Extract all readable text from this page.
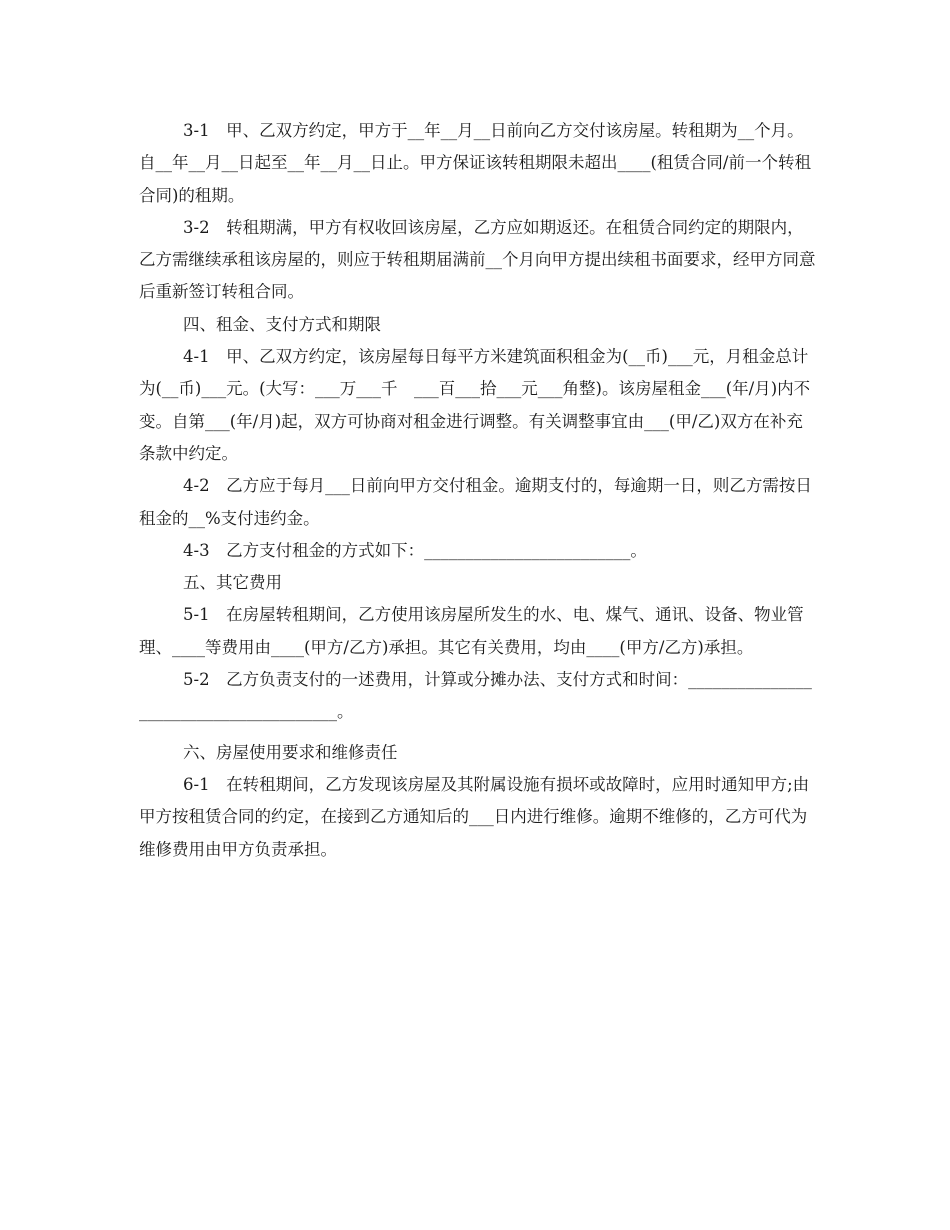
3-1　甲、乙双方约定，甲方于__年__月__日前向乙方交付该房屋。转租期为__个月。自__年__月__日起至__年__月__日止。甲方保证该转租期限未超出____(租赁合同/前一个转租合同)的租期。

3-2　转租期满，甲方有权收回该房屋，乙方应如期返还。在租赁合同约定的期限内，乙方需继续承租该房屋的，则应于转租期届满前__个月向甲方提出续租书面要求，经甲方同意后重新签订转租合同。

四、租金、支付方式和期限

4-1　甲、乙双方约定，该房屋每日每平方米建筑面积租金为(__币)___元，月租金总计为(__币)___元。(大写：___万___千　___百___拾___元___角整)。该房屋租金___(年/月)内不变。自第___(年/月)起，双方可协商对租金进行调整。有关调整事宜由___(甲/乙)双方在补充条款中约定。

4-2　乙方应于每月___日前向甲方交付租金。逾期支付的，每逾期一日，则乙方需按日租金的__%支付违约金。

4-3　乙方支付租金的方式如下：_________________________。

五、其它费用

5-1　在房屋转租期间，乙方使用该房屋所发生的水、电、煤气、通讯、设备、物业管理、____等费用由____(甲方/乙方)承担。其它有关费用，均由____(甲方/乙方)承担。

5-2　乙方负责支付的一述费用，计算或分摊办法、支付方式和时间：_______________________________________。

六、房屋使用要求和维修责任

6-1　在转租期间，乙方发现该房屋及其附属设施有损坏或故障时，应用时通知甲方;由甲方按租赁合同的约定，在接到乙方通知后的___日内进行维修。逾期不维修的，乙方可代为维修费用由甲方负责承担。
